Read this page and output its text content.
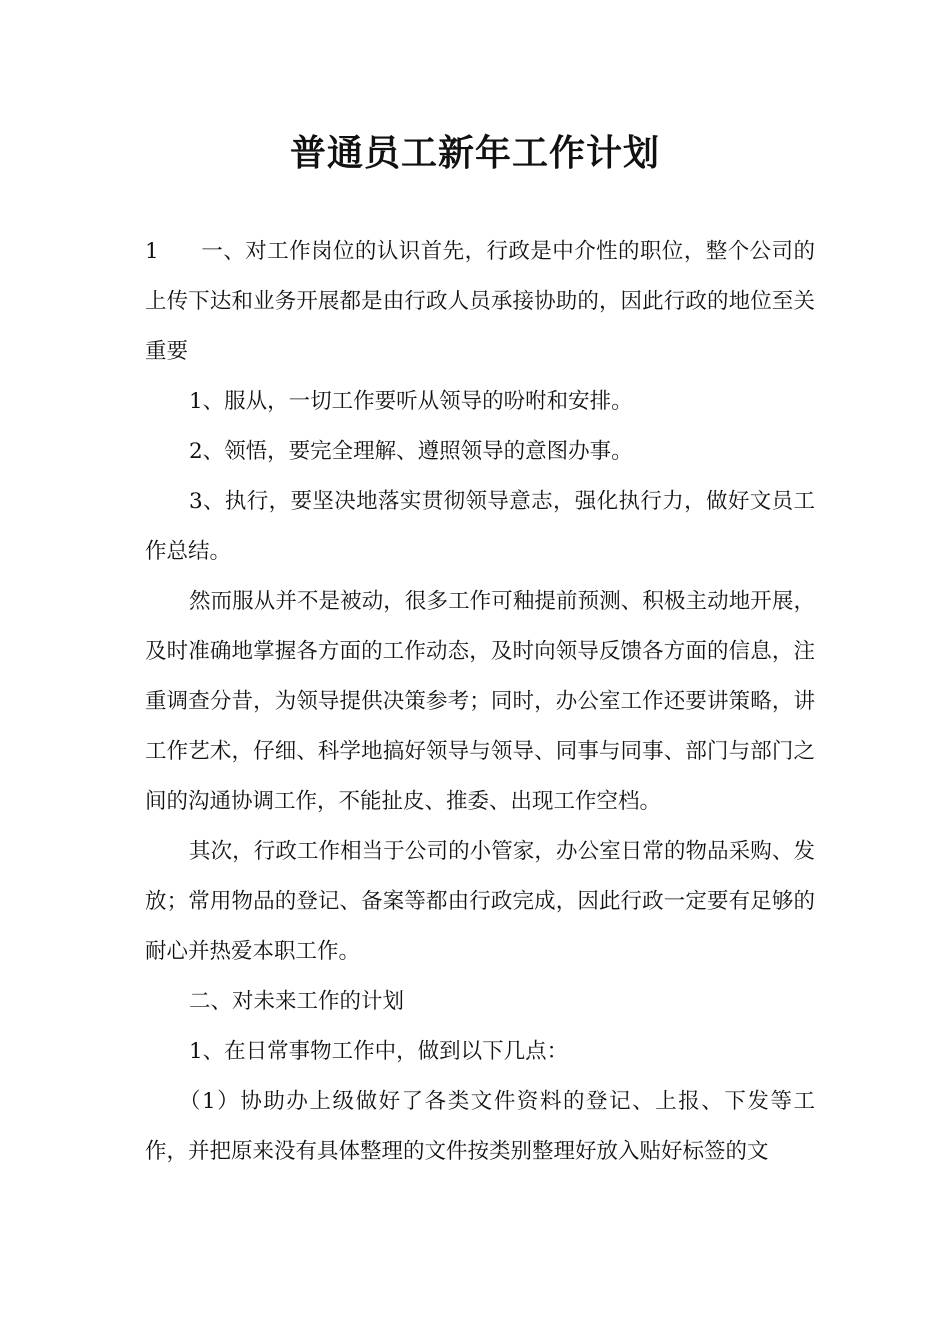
普通员工新年工作计划

1 一、对工作岗位的认识首先，行政是中介性的职位，整个公司的上传下达和业务开展都是由行政人员承接协助的，因此行政的地位至关重要

1、服从，一切工作要听从领导的吩咐和安排。

2、领悟，要完全理解、遵照领导的意图办事。

3、执行，要坚决地落实贯彻领导意志，强化执行力，做好文员工作总结。

然而服从并不是被动，很多工作可釉提前预测、积极主动地开展，及时准确地掌握各方面的工作动态，及时向领导反馈各方面的信息，注重调查分昔，为领导提供决策参考；同时，办公室工作还要讲策略，讲工作艺术，仔细、科学地搞好领导与领导、同事与同事、部门与部门之间的沟通协调工作，不能扯皮、推委、出现工作空档。

其次，行政工作相当于公司的小管家，办公室日常的物品采购、发放；常用物品的登记、备案等都由行政完成，因此行政一定要有足够的耐心并热爱本职工作。

二、对未来工作的计划

1、在日常事物工作中，做到以下几点：

（1）协助办上级做好了各类文件资料的登记、上报、下发等工作，并把原来没有具体整理的文件按类别整理好放入贴好标签的文
